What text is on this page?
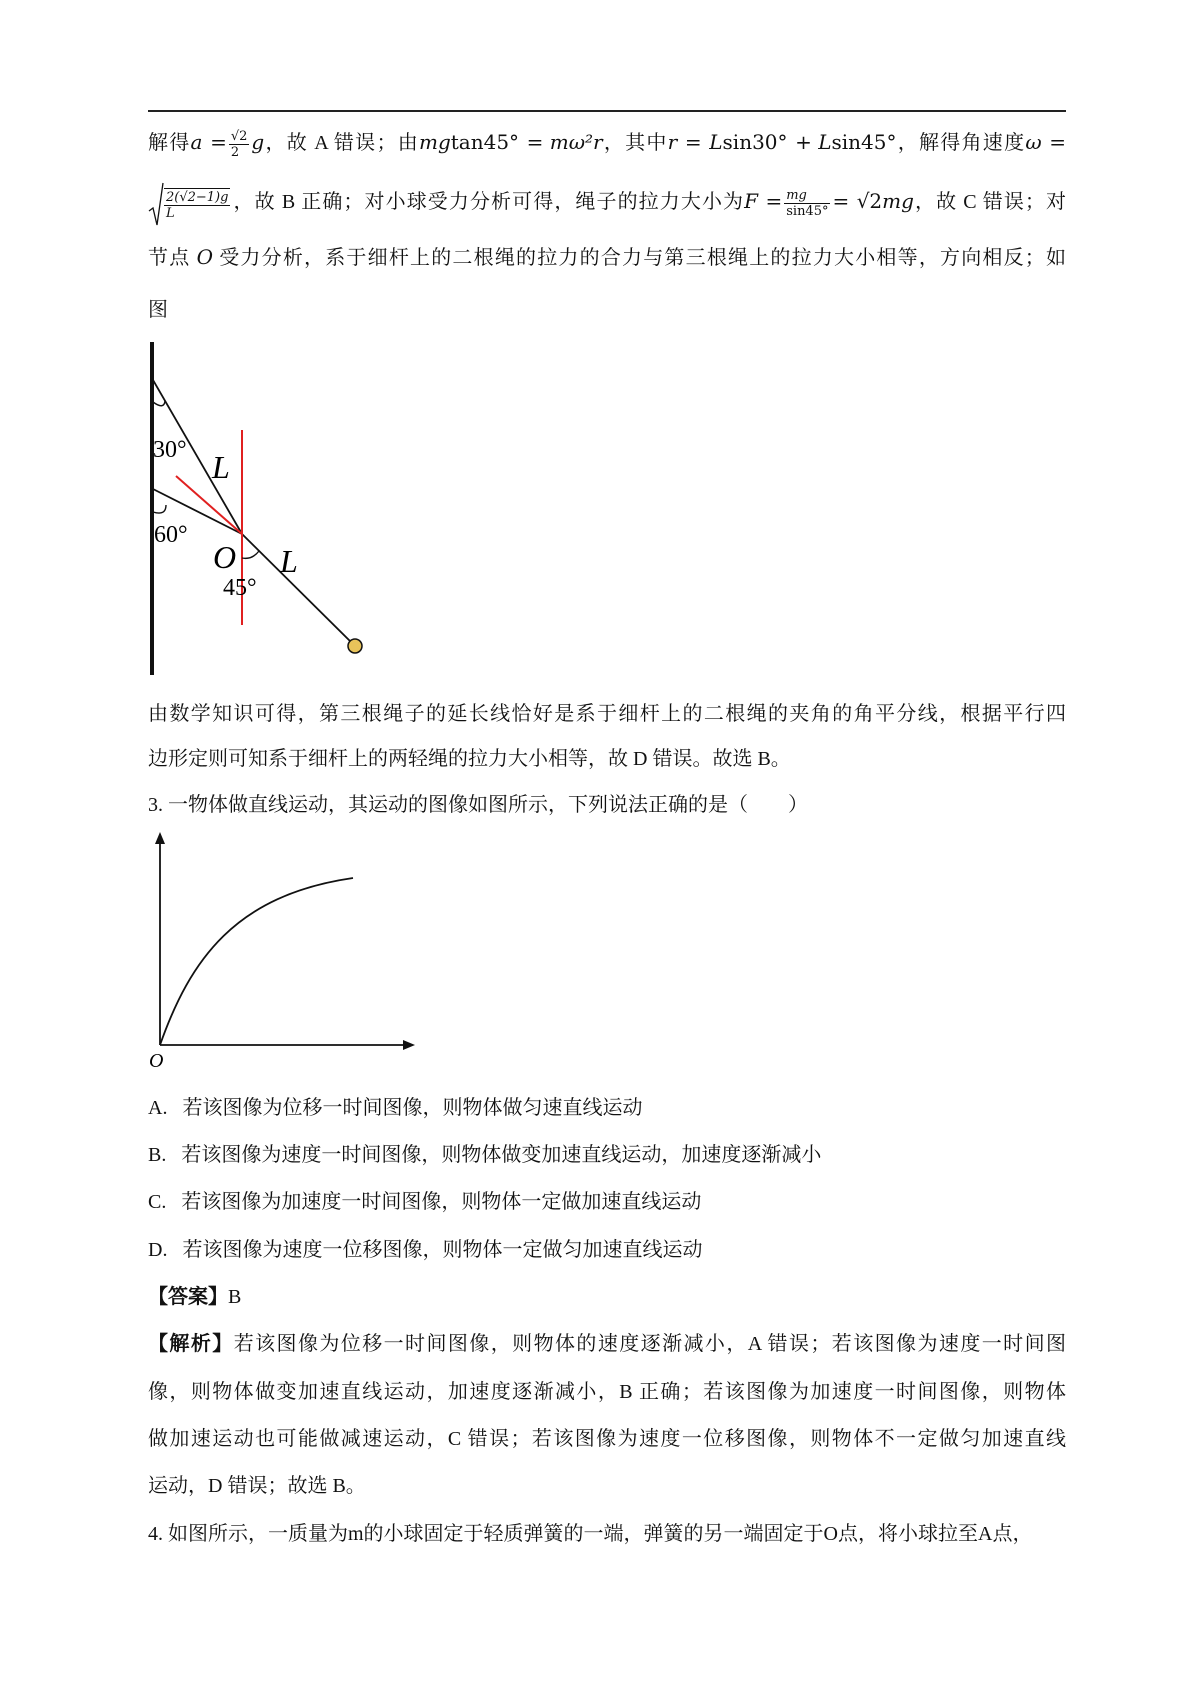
解得$a = \frac{√2}{2}$ g，故 A 错误；由mgtan45° = mω²r，其中r = Lsin30° + Lsin45°，解得角速度ω =
$\frac{2(√2-1)g}{L}$ ，故 B 正确；对小球受力分析可得，绳子的拉力大小为$F = \frac{mg}{\sin 45^\circ} = √2mg$，故 C 错误；对
节点 O 受力分析，系于细杆上的二根绳的拉力的合力与第三根绳上的拉力大小相等，方向相反；如
图
30°
60°
45°
L
L
O
由数学知识可得，第三根绳子的延长线恰好是系于细杆上的二根绳的夹角的角平分线，根据平行四
边形定则可知系于细杆上的两轻绳的拉力大小相等，故 D 错误。故选 B。
3. 一物体做直线运动，其运动的图像如图所示，下列说法正确的是（　　）
O
A. 若该图像为位移一时间图像，则物体做匀速直线运动
B. 若该图像为速度一时间图像，则物体做变加速直线运动，加速度逐渐减小
C. 若该图像为加速度一时间图像，则物体一定做加速直线运动
D. 若该图像为速度一位移图像，则物体一定做匀加速直线运动
【答案】B
【解析】若该图像为位移一时间图像，则物体的速度逐渐减小，A 错误；若该图像为速度一时间图
像，则物体做变加速直线运动，加速度逐渐减小，B 正确；若该图像为加速度一时间图像，则物体
做加速运动也可能做减速运动，C 错误；若该图像为速度一位移图像，则物体不一定做匀加速直线
运动，D 错误；故选 B。
4. 如图所示，一质量为m的小球固定于轻质弹簧的一端，弹簧的另一端固定于O点，将小球拉至A点，
